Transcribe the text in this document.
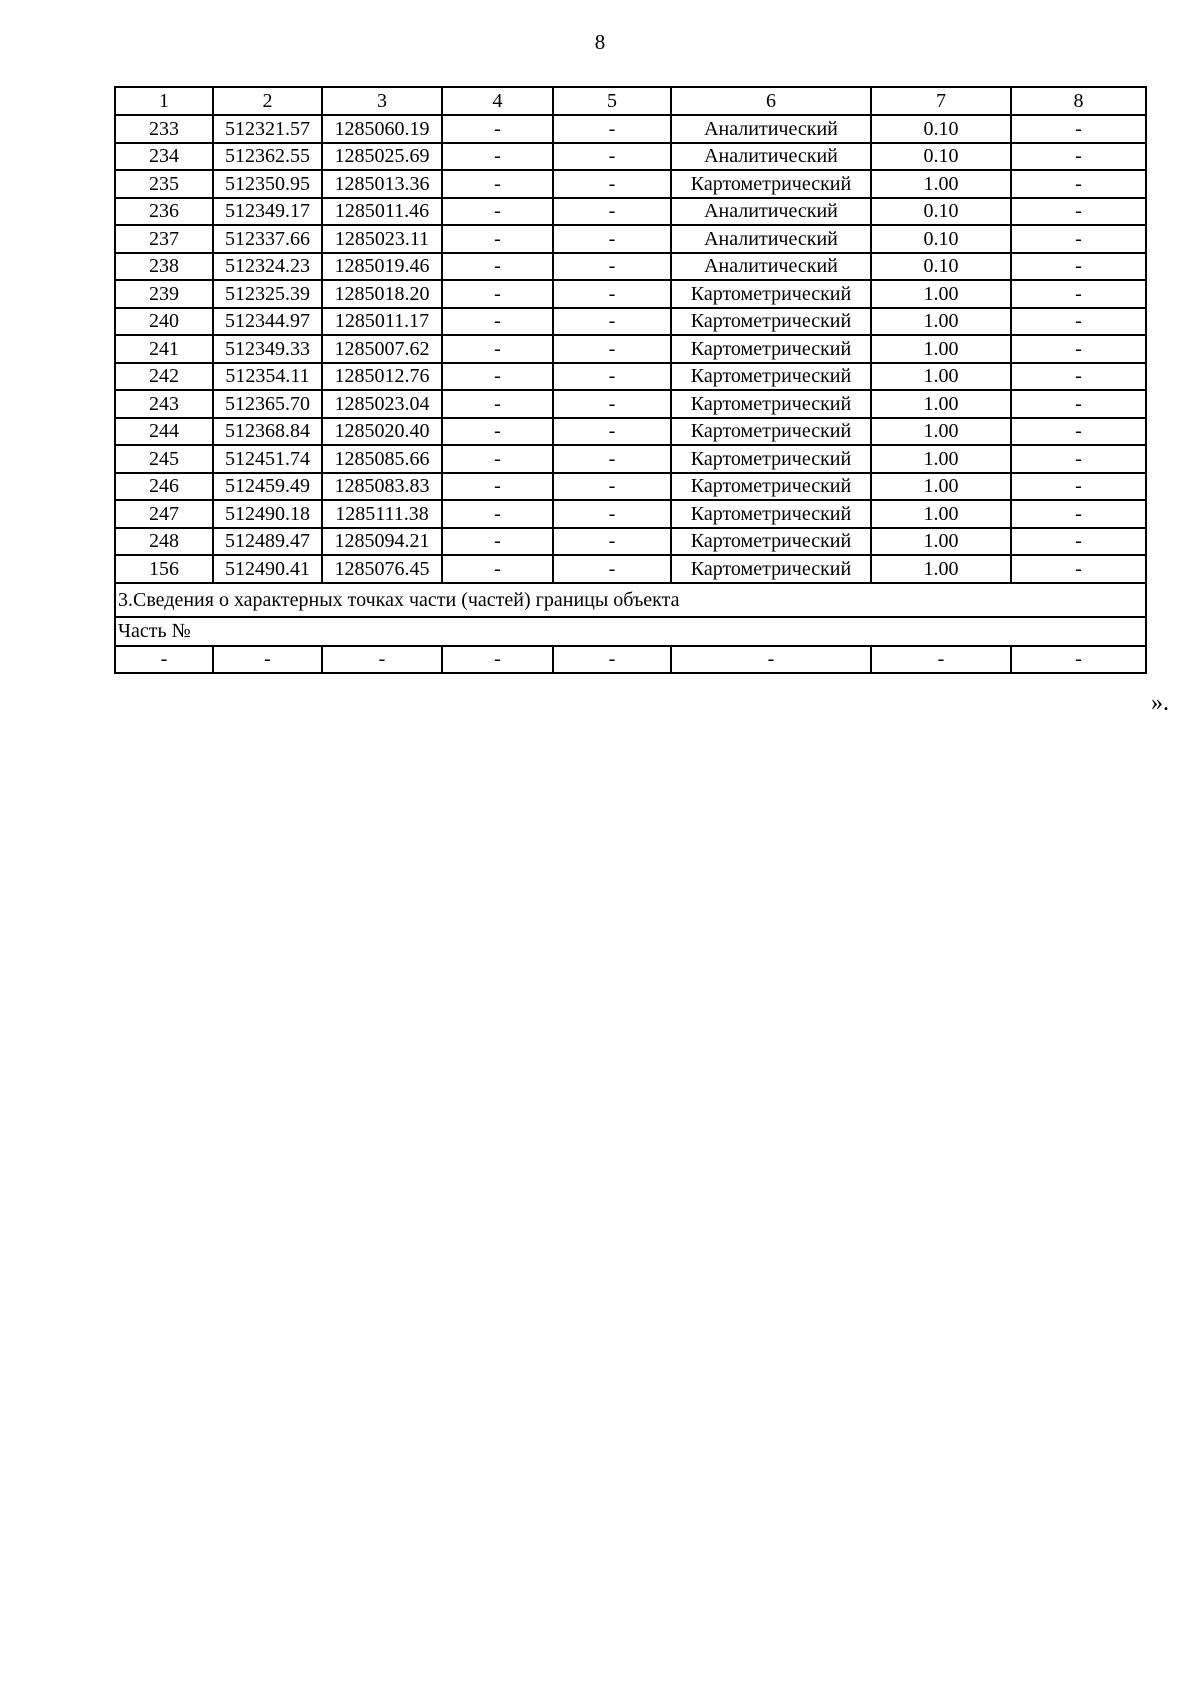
8
1	2	3	4	5	6	7	8
233	512321.57	1285060.19	-	-	Аналитический	0.10	-
234	512362.55	1285025.69	-	-	Аналитический	0.10	-
235	512350.95	1285013.36	-	-	Картометрический	1.00	-
236	512349.17	1285011.46	-	-	Аналитический	0.10	-
237	512337.66	1285023.11	-	-	Аналитический	0.10	-
238	512324.23	1285019.46	-	-	Аналитический	0.10	-
239	512325.39	1285018.20	-	-	Картометрический	1.00	-
240	512344.97	1285011.17	-	-	Картометрический	1.00	-
241	512349.33	1285007.62	-	-	Картометрический	1.00	-
242	512354.11	1285012.76	-	-	Картометрический	1.00	-
243	512365.70	1285023.04	-	-	Картометрический	1.00	-
244	512368.84	1285020.40	-	-	Картометрический	1.00	-
245	512451.74	1285085.66	-	-	Картометрический	1.00	-
246	512459.49	1285083.83	-	-	Картометрический	1.00	-
247	512490.18	1285111.38	-	-	Картометрический	1.00	-
248	512489.47	1285094.21	-	-	Картометрический	1.00	-
156	512490.41	1285076.45	-	-	Картометрический	1.00	-
3.Сведения о характерных точках части (частей) границы объекта							
Часть №							
-	-	-	-	-	-	-	-
».
